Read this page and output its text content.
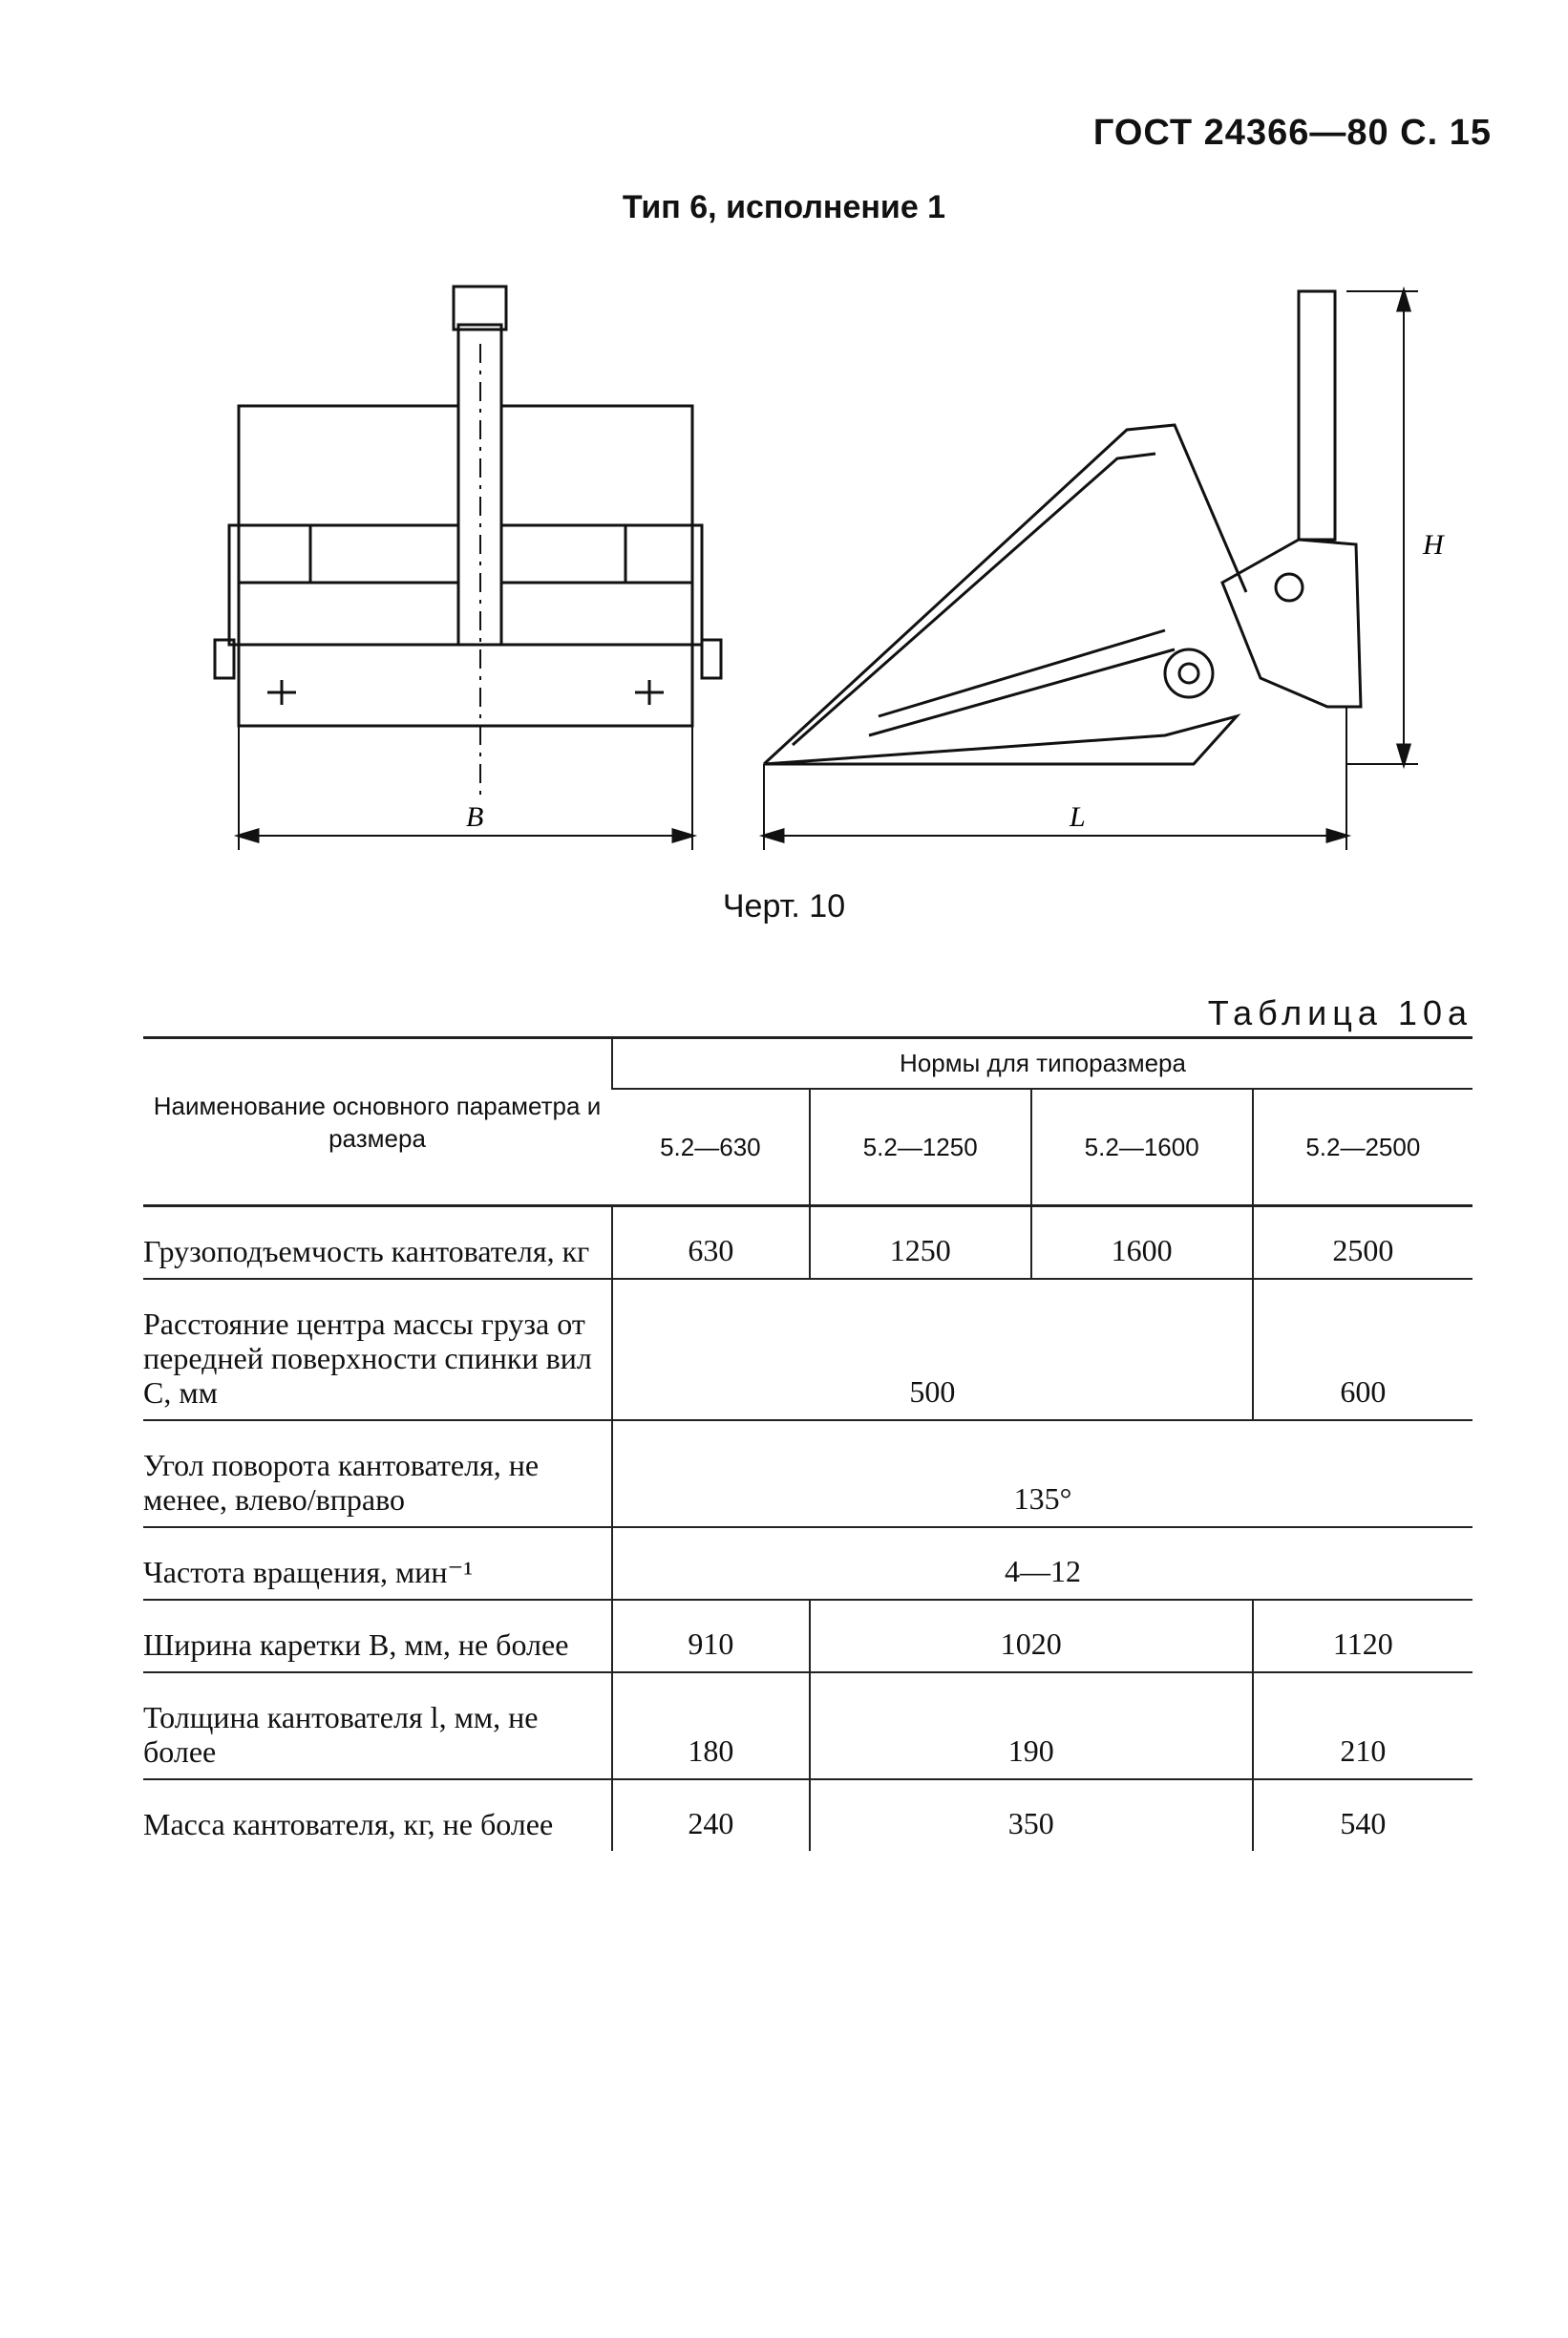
ГОСТ 24366—80 С. 15
Тип 6, исполнение 1
B	L
H
Черт. 10
Таблица 10а
Наименование основного параметра и размера	Нормы для типоразмера			
	5.2—630	5.2—1250	5.2—1600	5.2—2500
Грузоподъемчость кантователя, кг	630	1250	1600	2500
Расстояние центра массы груза от передней поверхности спинки вил С, мм	500			600
Угол поворота кантователя, не менее, влево/вправо	135°			
Частота вращения, мин⁻¹	4—12			
Ширина каретки В, мм, не более	910	1020		1120
Толщина кантователя l, мм, не более	180	190		210
Масса кантователя, кг, не более	240	350		540
